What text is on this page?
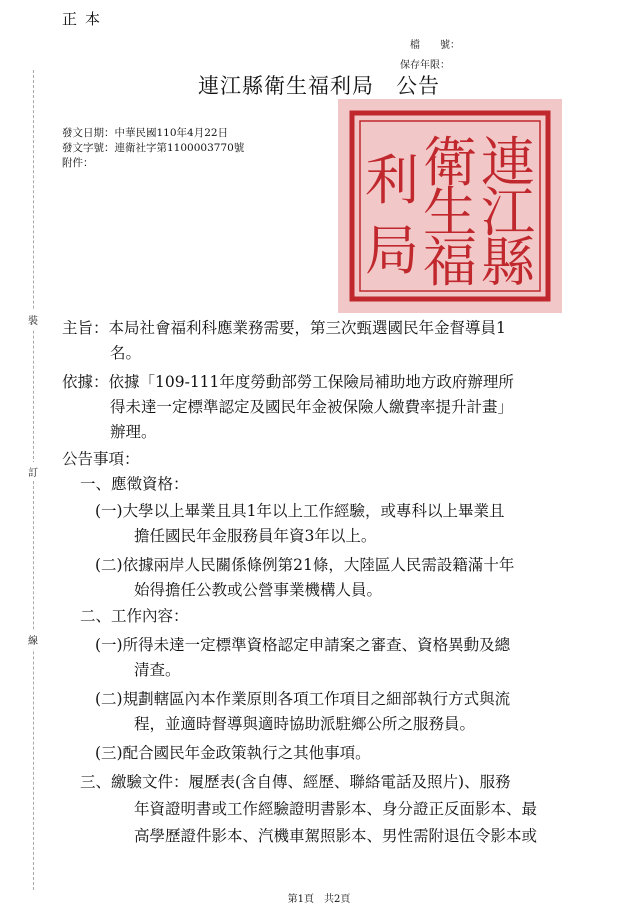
正本
檔　　號：
保存年限：
連江縣衛生福利局　公告
發文日期：中華民國110年4月22日
發文字號：連衛社字第1100003770號
附件：	連
江
縣
衛
生
福
利
局
裝
訂
線
主旨：本局社會福利科應業務需要，第三次甄選國民年金督導員1
名。
依據：依據「109-111年度勞動部勞工保險局補助地方政府辦理所
得未達一定標準認定及國民年金被保險人繳費率提升計畫」
辦理。
公告事項：
一、應徵資格：
(一)大學以上畢業且具1年以上工作經驗，或專科以上畢業且
擔任國民年金服務員年資3年以上。
(二)依據兩岸人民關係條例第21條，大陸區人民需設籍滿十年
始得擔任公教或公營事業機構人員。
二、工作內容：
(一)所得未達一定標準資格認定申請案之審查、資格異動及總
清查。
(二)規劃轄區內本作業原則各項工作項目之細部執行方式與流
程，並適時督導與適時協助派駐鄉公所之服務員。
(三)配合國民年金政策執行之其他事項。
三、繳驗文件：履歷表(含自傳、經歷、聯絡電話及照片)、服務
年資證明書或工作經驗證明書影本、身分證正反面影本、最
高學歷證件影本、汽機車駕照影本、男性需附退伍令影本或
第1頁　共2頁
